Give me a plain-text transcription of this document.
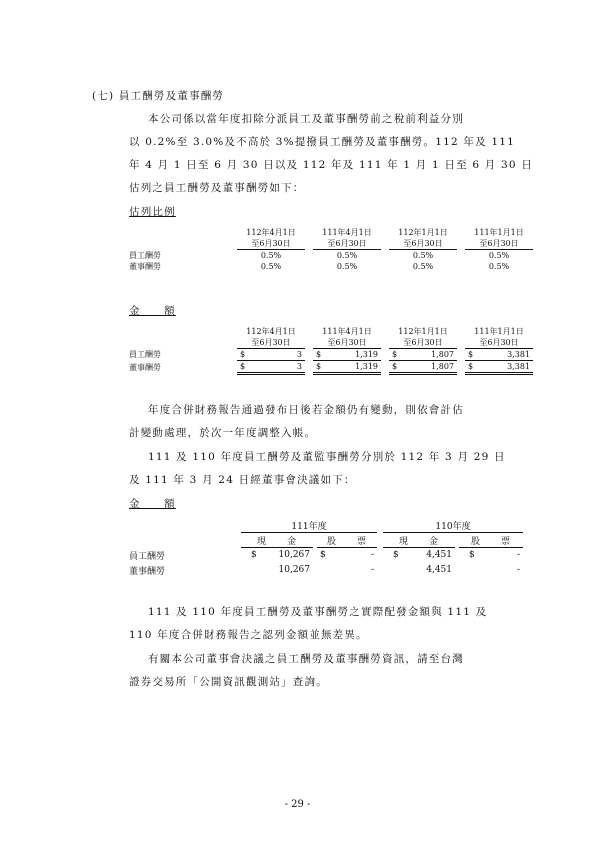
(七) 員工酬勞及董事酬勞
本公司係以當年度扣除分派員工及董事酬勞前之稅前利益分別
以 0.2%至 3.0%及不高於 3%提撥員工酬勞及董事酬勞。112 年及 111
年 4 月 1 日至 6 月 30 日以及 112 年及 111 年 1 月 1 日至 6 月 30 日
估列之員工酬勞及董事酬勞如下：
估列比例
	112年4月1日		111年4月1日		112年1月1日		111年1月1日
	至6月30日		至6月30日		至6月30日		至6月30日
員工酬勞	0.5%		0.5%		0.5%		0.5%
董事酬勞	0.5%		0.5%		0.5%		0.5%
金　　額
	112年4月1日		111年4月1日		112年1月1日		111年1月1日
	至6月30日		至6月30日		至6月30日		至6月30日
員工酬勞	$ 3		$ 1,319		$ 1,807		$ 3,381

董事酬勞	$ 3		$ 1,319		$ 1,807		$ 3,381
年度合併財務報告通過發布日後若金額仍有變動，則依會計估
計變動處理，於次一年度調整入帳。
111 及 110 年度員工酬勞及董監事酬勞分別於 112 年 3 月 29 日
及 111 年 3 月 24 日經董事會決議如下：
金　　額
	111年度				110年度		
	現　　金		股　　票		現　　金		股　　票
員工酬勞	$ 10,267		$ -		$ 4,451		$ -

董事酬勞	10,267		-		4,451		-
111 及 110 年度員工酬勞及董事酬勞之實際配發金額與 111 及
110 年度合併財務報告之認列金額並無差異。
有關本公司董事會決議之員工酬勞及董事酬勞資訊，請至台灣
證券交易所「公開資訊觀測站」查詢。
- 29 -
